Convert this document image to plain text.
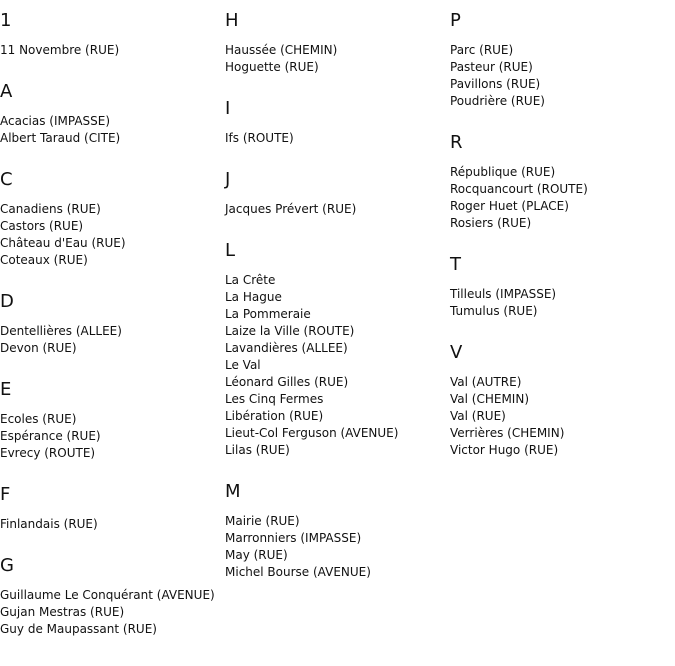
1
11 Novembre (RUE)
A
Acacias (IMPASSE)
Albert Taraud (CITE)
C
Canadiens (RUE)
Castors (RUE)
Château d'Eau (RUE)
Coteaux (RUE)
D
Dentellières (ALLEE)
Devon (RUE)
E
Ecoles (RUE)
Espérance (RUE)
Evrecy (ROUTE)
F
Finlandais (RUE)
G
Guillaume Le Conquérant (AVENUE)
Gujan Mestras (RUE)
Guy de Maupassant (RUE)
H
Haussée (CHEMIN)
Hoguette (RUE)
I
Ifs (ROUTE)
J
Jacques Prévert (RUE)
L
La Crête
La Hague
La Pommeraie
Laize la Ville (ROUTE)
Lavandières (ALLEE)
Le Val
Léonard Gilles (RUE)
Les Cinq Fermes
Libération (RUE)
Lieut-Col Ferguson (AVENUE)
Lilas (RUE)
M
Mairie (RUE)
Marronniers (IMPASSE)
May (RUE)
Michel Bourse (AVENUE)
P
Parc (RUE)
Pasteur (RUE)
Pavillons (RUE)
Poudrière (RUE)
R
République (RUE)
Rocquancourt (ROUTE)
Roger Huet (PLACE)
Rosiers (RUE)
T
Tilleuls (IMPASSE)
Tumulus (RUE)
V
Val (AUTRE)
Val (CHEMIN)
Val (RUE)
Verrières (CHEMIN)
Victor Hugo (RUE)
